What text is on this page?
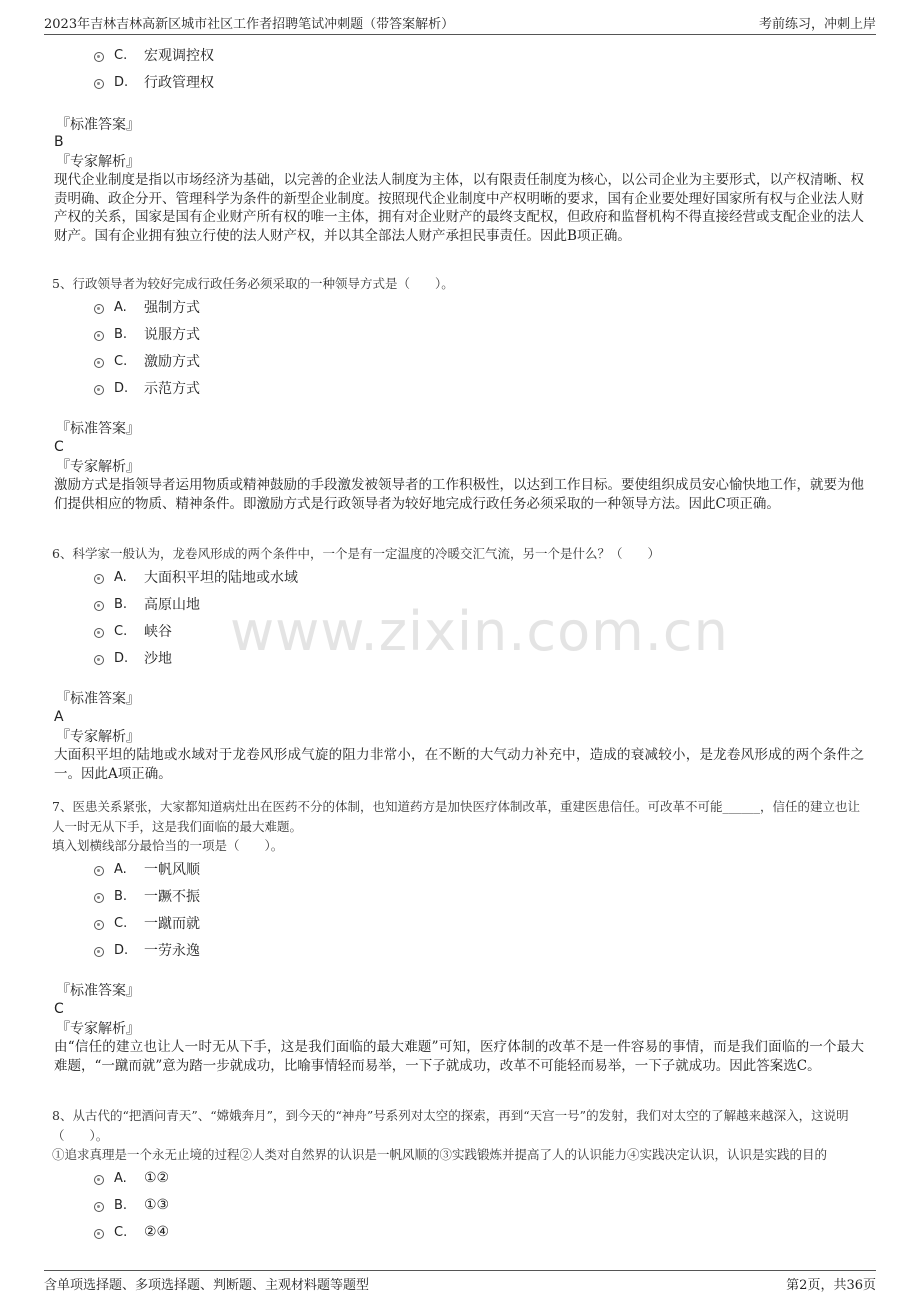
2023年吉林吉林高新区城市社区工作者招聘笔试冲刺题（带答案解析）	考前练习，冲刺上岸
www.zixin.com.cn
C.	宏观调控权
D.	行政管理权
『标准答案』
B
『专家解析』
现代企业制度是指以市场经济为基础，以完善的企业法人制度为主体，以有限责任制度为核心，以公司企业为主要形式，以产权清晰、权责明确、政企分开、管理科学为条件的新型企业制度。按照现代企业制度中产权明晰的要求，国有企业要处理好国家所有权与企业法人财产权的关系，国家是国有企业财产所有权的唯一主体，拥有对企业财产的最终支配权，但政府和监督机构不得直接经营或支配企业的法人财产。国有企业拥有独立行使的法人财产权，并以其全部法人财产承担民事责任。因此B项正确。
5、行政领导者为较好完成行政任务必须采取的一种领导方式是（　　）。
A.	强制方式
B.	说服方式
C.	激励方式
D.	示范方式
『标准答案』
C
『专家解析』
激励方式是指领导者运用物质或精神鼓励的手段激发被领导者的工作积极性，以达到工作目标。要使组织成员安心愉快地工作，就要为他们提供相应的物质、精神条件。即激励方式是行政领导者为较好地完成行政任务必须采取的一种领导方法。因此C项正确。
6、科学家一般认为，龙卷风形成的两个条件中，一个是有一定温度的冷暖交汇气流，另一个是什么？（　　）
A.	大面积平坦的陆地或水域
B.	高原山地
C.	峡谷
D.	沙地
『标准答案』
A
『专家解析』
大面积平坦的陆地或水域对于龙卷风形成气旋的阻力非常小，在不断的大气动力补充中，造成的衰减较小，是龙卷风形成的两个条件之一。因此A项正确。
7、医患关系紧张，大家都知道病灶出在医药不分的体制，也知道药方是加快医疗体制改革，重建医患信任。可改革不可能______，信任的建立也让人一时无从下手，这是我们面临的最大难题。
填入划横线部分最恰当的一项是（　　）。
A.	一帆风顺
B.	一蹶不振
C.	一蹴而就
D.	一劳永逸
『标准答案』
C
『专家解析』
由“信任的建立也让人一时无从下手，这是我们面临的最大难题”可知，医疗体制的改革不是一件容易的事情，而是我们面临的一个最大难题，“一蹴而就”意为踏一步就成功，比喻事情轻而易举，一下子就成功，改革不可能轻而易举，一下子就成功。因此答案选C。
8、从古代的“把酒问青天”、“嫦娥奔月”，到今天的“神舟”号系列对太空的探索，再到“天宫一号”的发射，我们对太空的了解越来越深入，这说明（　　）。
①追求真理是一个永无止境的过程②人类对自然界的认识是一帆风顺的③实践锻炼并提高了人的认识能力④实践决定认识，认识是实践的目的
A.	①②
B.	①③
C.	②④
含单项选择题、多项选择题、判断题、主观材料题等题型	第2页，共36页
